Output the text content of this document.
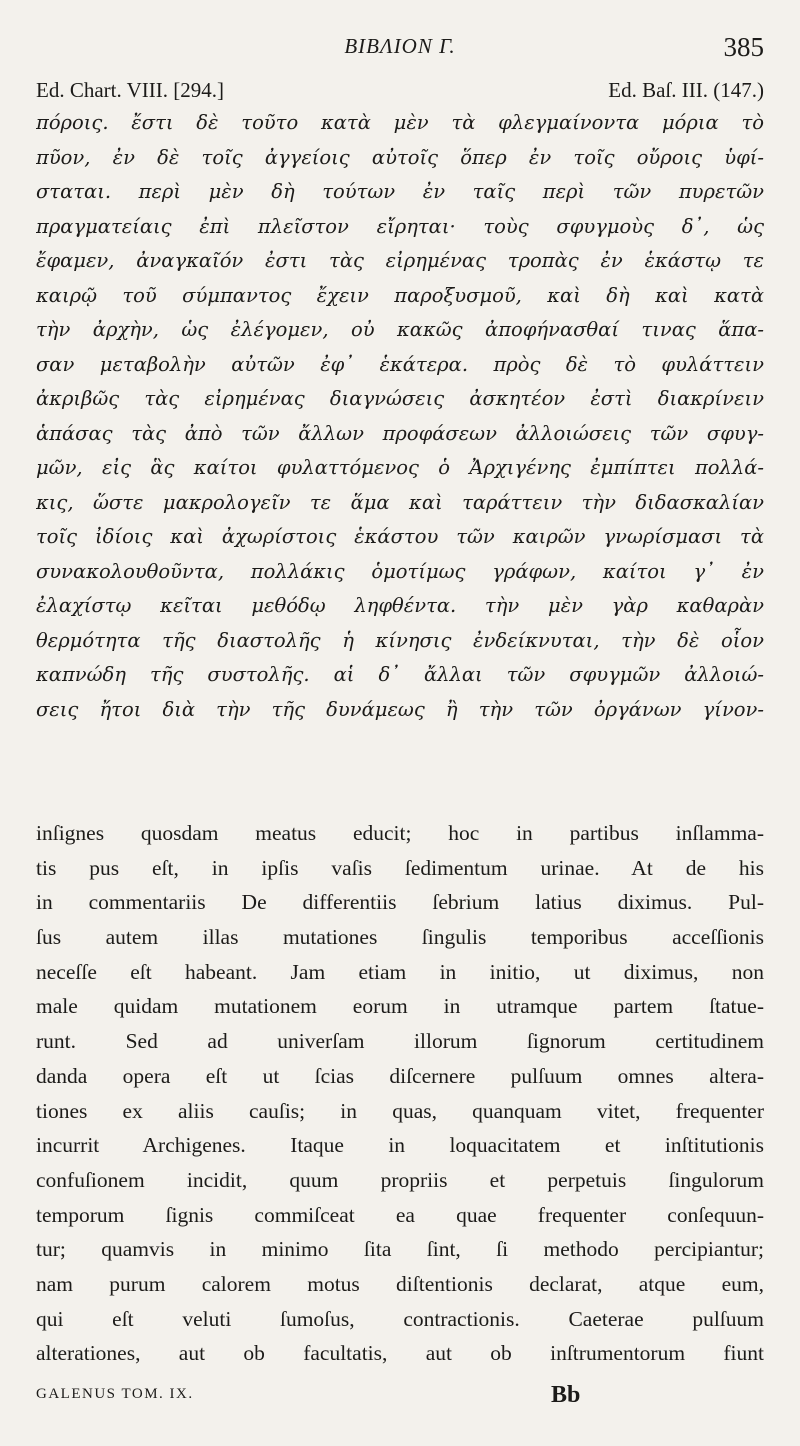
ΒΙΒΛΙΟΝ Γ.	385
Ed. Chart. VIII. [294.]	Ed. Baſ. III. (147.)
πόροις. ἔστι δὲ τοῦτο κατὰ μὲν τὰ φλεγμαίνοντα μόρια τὸ
πῦον, ἐν δὲ τοῖς ἀγγείοις αὐτοῖς ὅπερ ἐν τοῖς οὔροις ὑφί-
σταται. περὶ μὲν δὴ τούτων ἐν ταῖς περὶ τῶν πυρετῶν
πραγματείαις ἐπὶ πλεῖστον εἴρηται· τοὺς σφυγμοὺς δ᾽, ὡς
ἔφαμεν, ἀναγκαῖόν ἐστι τὰς εἰρημένας τροπὰς ἐν ἑκάστῳ τε
καιρῷ τοῦ σύμπαντος ἔχειν παροξυσμοῦ, καὶ δὴ καὶ κατὰ
τὴν ἀρχὴν, ὡς ἐλέγομεν, οὐ κακῶς ἀποφήνασθαί τινας ἅπα-
σαν μεταβολὴν αὐτῶν ἐφ᾽ ἑκάτερα. πρὸς δὲ τὸ φυλάττειν
ἀκριβῶς τὰς εἰρημένας διαγνώσεις ἀσκητέον ἐστὶ διακρίνειν
ἁπάσας τὰς ἀπὸ τῶν ἄλλων προφάσεων ἀλλοιώσεις τῶν σφυγ-
μῶν, εἰς ἃς καίτοι φυλαττόμενος ὁ Ἀρχιγένης ἐμπίπτει πολλά-
κις, ὥστε μακρολογεῖν τε ἅμα καὶ ταράττειν τὴν διδασκαλίαν
τοῖς ἰδίοις καὶ ἀχωρίστοις ἑκάστου τῶν καιρῶν γνωρίσμασι τὰ
συνακολουθοῦντα, πολλάκις ὁμοτίμως γράφων, καίτοι γ᾽ ἐν
ἐλαχίστῳ κεῖται μεθόδῳ ληφθέντα. τὴν μὲν γὰρ καθαρὰν
θερμότητα τῆς διαστολῆς ἡ κίνησις ἐνδείκνυται, τὴν δὲ οἷον
καπνώδη τῆς συστολῆς. αἱ δ᾽ ἄλλαι τῶν σφυγμῶν ἀλλοιώ-
σεις ἤτοι διὰ τὴν τῆς δυνάμεως ἢ τὴν τῶν ὀργάνων γίνον-
inſignes quosdam meatus educit; hoc in partibus inſlamma-
tis pus eſt, in ipſis vaſis ſedimentum urinae. At de his
in commentariis De differentiis ſebrium latius diximus. Pul-
ſus autem illas mutationes ſingulis temporibus acceſſionis
neceſſe eſt habeant. Jam etiam in initio, ut diximus, non
male quidam mutationem eorum in utramque partem ſtatue-
runt. Sed ad univerſam illorum ſignorum certitudinem
danda opera eſt ut ſcias diſcernere pulſuum omnes altera-
tiones ex aliis cauſis; in quas, quanquam vitet, frequenter
incurrit Archigenes. Itaque in loquacitatem et inſtitutionis
confuſionem incidit, quum propriis et perpetuis ſingulorum
temporum ſignis commiſceat ea quae frequenter conſequun-
tur; quamvis in minimo ſita ſint, ſi methodo percipiantur;
nam purum calorem motus diſtentionis declarat, atque eum,
qui eſt veluti ſumoſus, contractionis. Caeterae pulſuum
alterationes, aut ob facultatis, aut ob inſtrumentorum fiunt
GALENUS TOM. IX.	Bb
